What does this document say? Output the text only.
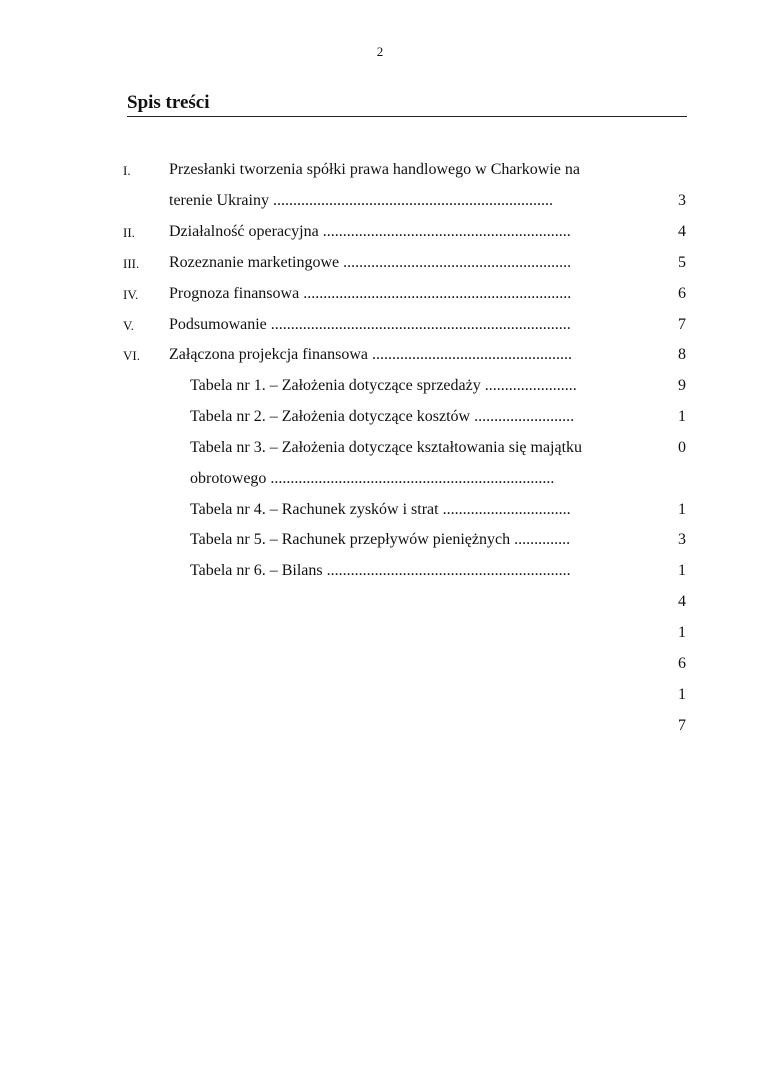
2
Spis treści
I.
II.
III.
IV.
V.
VI.
Przesłanki tworzenia spółki prawa handlowego w Charkowie na
terenie Ukrainy ......................................................................
Działalność operacyjna ..............................................................
Rozeznanie marketingowe .........................................................
Prognoza finansowa ...................................................................
Podsumowanie ...........................................................................
Załączona projekcja finansowa ..................................................
Tabela nr 1. – Założenia dotyczące sprzedaży .......................
Tabela nr 2. – Założenia dotyczące kosztów .........................
Tabela nr 3. – Założenia dotyczące kształtowania się majątku
obrotowego .......................................................................
Tabela nr 4. – Rachunek zysków i strat ................................
Tabela nr 5. – Rachunek przepływów pieniężnych ..............
Tabela nr 6. – Bilans .............................................................
3
4
5
6
7
8
9
1
0
1
3
1
4
1
6
1
7
